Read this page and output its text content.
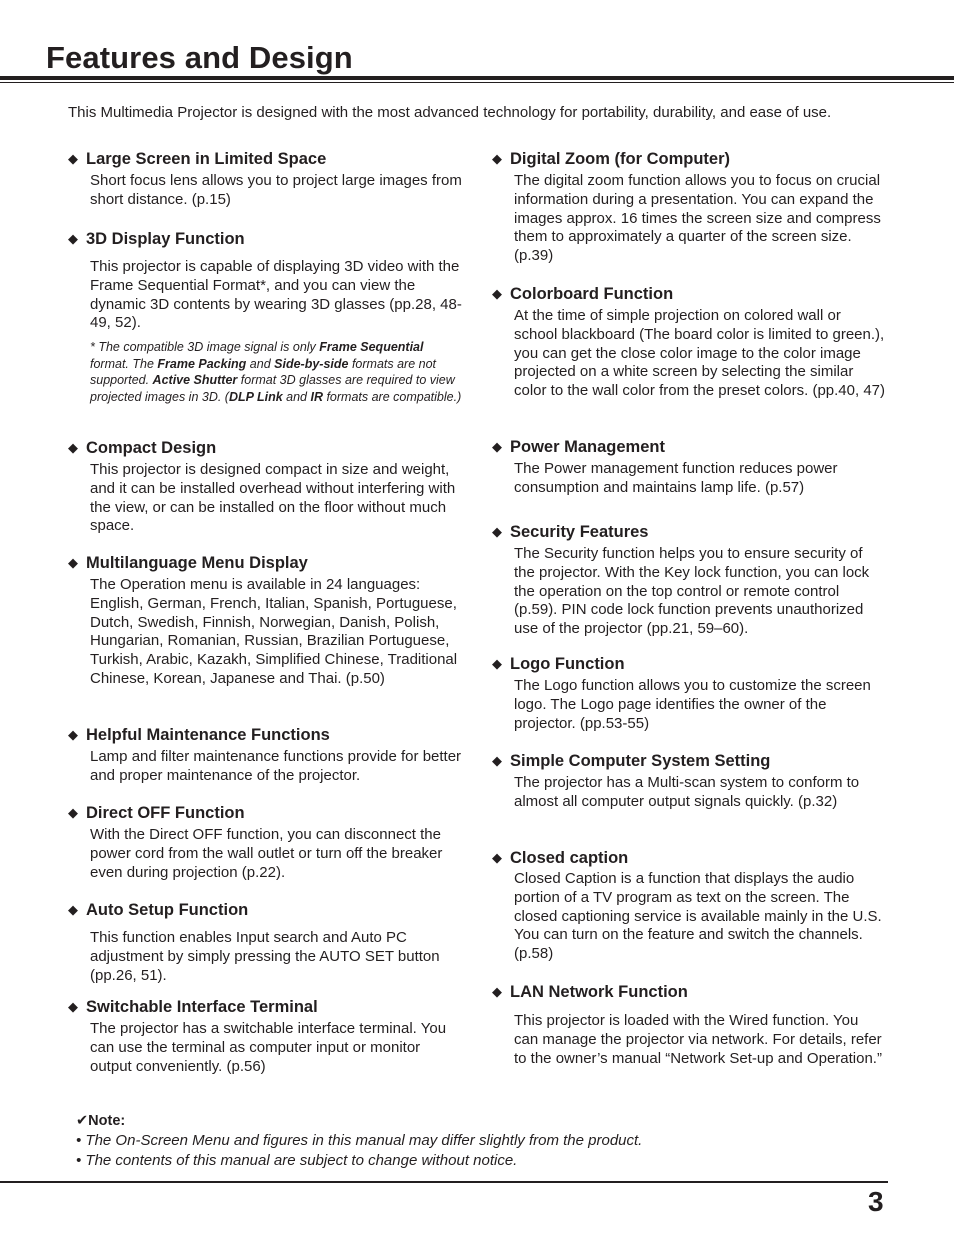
Features and Design

This Multimedia Projector is designed with the most advanced technology for portability, durability, and ease of use.

◆ Large Screen in Limited Space

Short focus lens allows you to project large images from short distance. (p.15)

◆ 3D Display Function

This projector is capable of displaying 3D video with the Frame Sequential Format*, and you can view the dynamic 3D contents by wearing 3D glasses (pp.28, 48-49, 52).

* The compatible 3D image signal is only Frame Sequential format. The Frame Packing and Side-by-side formats are not supported. Active Shutter format 3D glasses are required to view projected images in 3D. (DLP Link and IR formats are compatible.)

◆ Compact Design

This projector is designed compact in size and weight, and it can be installed overhead without interfering with the view, or can be installed on the floor without much space.

◆ Multilanguage Menu Display

The Operation menu is available in 24 languages: English, German, French, Italian, Spanish, Portuguese, Dutch, Swedish, Finnish, Norwegian, Danish, Polish, Hungarian, Romanian, Russian, Brazilian Portuguese, Turkish, Arabic, Kazakh, Simplified Chinese, Traditional Chinese, Korean, Japanese and Thai. (p.50)

◆ Helpful Maintenance Functions

Lamp and filter maintenance functions provide for better and proper maintenance of the projector.

◆ Direct OFF Function

With the Direct OFF function, you can disconnect the power cord from the wall outlet or turn off the breaker even during projection (p.22).

◆ Auto Setup Function

This function enables Input search and Auto PC adjustment by simply pressing the AUTO SET button (pp.26, 51).

◆ Switchable Interface Terminal

The projector has a switchable interface terminal. You can use the terminal as computer input or monitor output conveniently. (p.56)

◆ Digital Zoom (for Computer)

The digital zoom function allows you to focus on crucial information during a presentation. You can expand the images approx. 16 times the screen size and compress them to approximately a quarter of the screen size. (p.39)

◆ Colorboard Function

At the time of simple projection on colored wall or school blackboard (The board color is limited to green.), you can get the close color image to the color image projected on a white screen by selecting the similar color to the wall color from the preset colors. (pp.40, 47)

◆ Power Management

The Power management function reduces power consumption and maintains lamp life. (p.57)

◆ Security Features

The Security function helps you to ensure security of the projector. With the Key lock function, you can lock the operation on the top control or remote control (p.59). PIN code lock function prevents unauthorized use of the projector (pp.21, 59–60).

◆ Logo Function

The Logo function allows you to customize the screen logo. The Logo page identifies the owner of the projector. (pp.53-55)

◆ Simple Computer System Setting

The projector has a Multi-scan system to conform to almost all computer output signals quickly. (p.32)

◆ Closed caption

Closed Caption is a function that displays the audio portion of a TV program as text on the screen. The closed captioning service is available mainly in the U.S. You can turn on the feature and switch the channels. (p.58)

◆ LAN Network Function

This projector is loaded with the Wired function. You can manage the projector via network. For details, refer to the owner’s manual “Network Set-up and Operation.”

✔Note:
• The On-Screen Menu and figures in this manual may differ slightly from the product.
• The contents of this manual are subject to change without notice.
3
